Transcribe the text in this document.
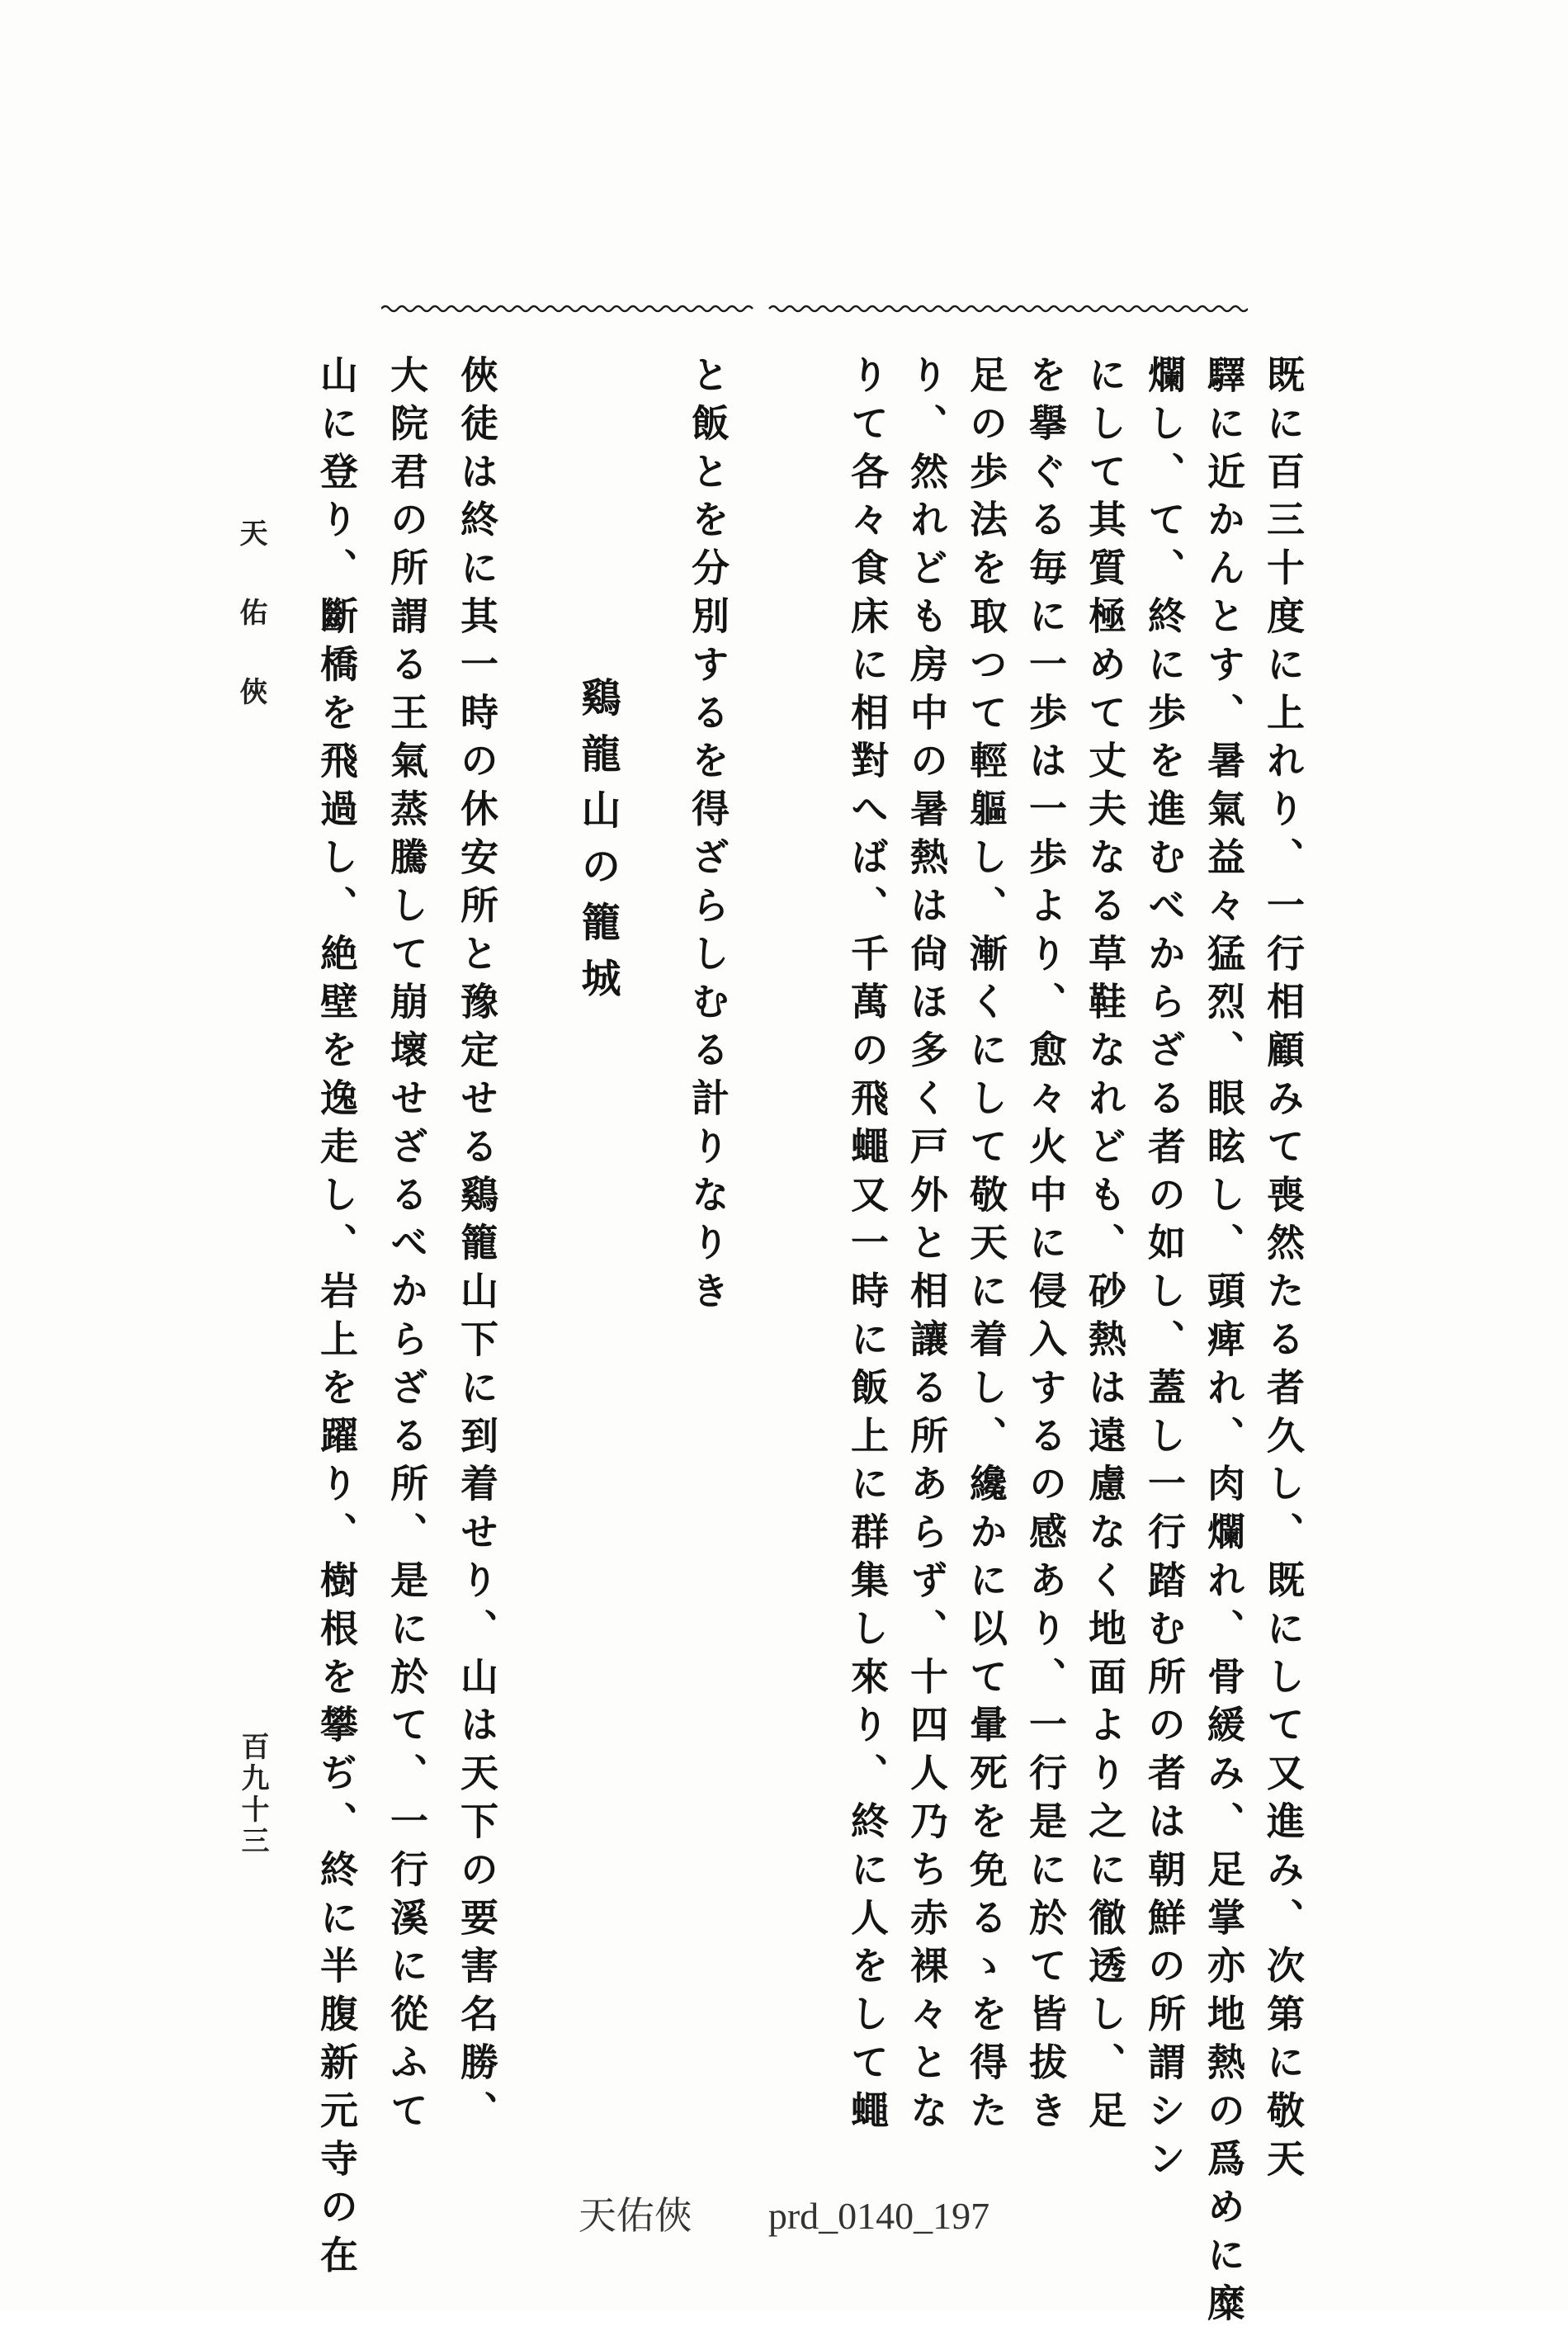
天佑俠
百九十三	既に百三十度に上れり、一行相顧みて喪然たる者久し、既にして又進み、次第に敬天
驛に近かんとす、暑氣益々猛烈、眼眩し、頭痺れ、肉爛れ、骨緩み、足掌亦地熱の爲めに糜
爛し、て、終に歩を進むべからざる者の如し、蓋し一行踏む所の者は朝鮮の所謂シン
にして其質極めて丈夫なる草鞋なれども、砂熱は遠慮なく地面より之に徹透し、足
を擧ぐる毎に一歩は一歩より、愈々火中に侵入するの感あり、一行是に於て皆拔き
足の歩法を取つて輕軀し、漸くにして敬天に着し、纔かに以て暈死を免るゝを得た
り、然れども房中の暑熱は尙ほ多く戸外と相讓る所あらず、十四人乃ち赤裸々とな
りて各々食床に相對へば、千萬の飛蠅又一時に飯上に群集し來り、終に人をして蠅
と飯とを分別するを得ざらしむる計りなりき
鷄龍山の籠城
俠徒は終に其一時の休安所と豫定せる鷄籠山下に到着せり、山は天下の要害名勝、
大院君の所謂る王氣蒸騰して崩壞せざるべからざる所、是に於て、一行溪に從ふて
山に登り、斷橋を飛過し、絶壁を逸走し、岩上を躍り、樹根を攀ぢ、終に半腹新元寺の在	天佑俠　　prd_0140_197
